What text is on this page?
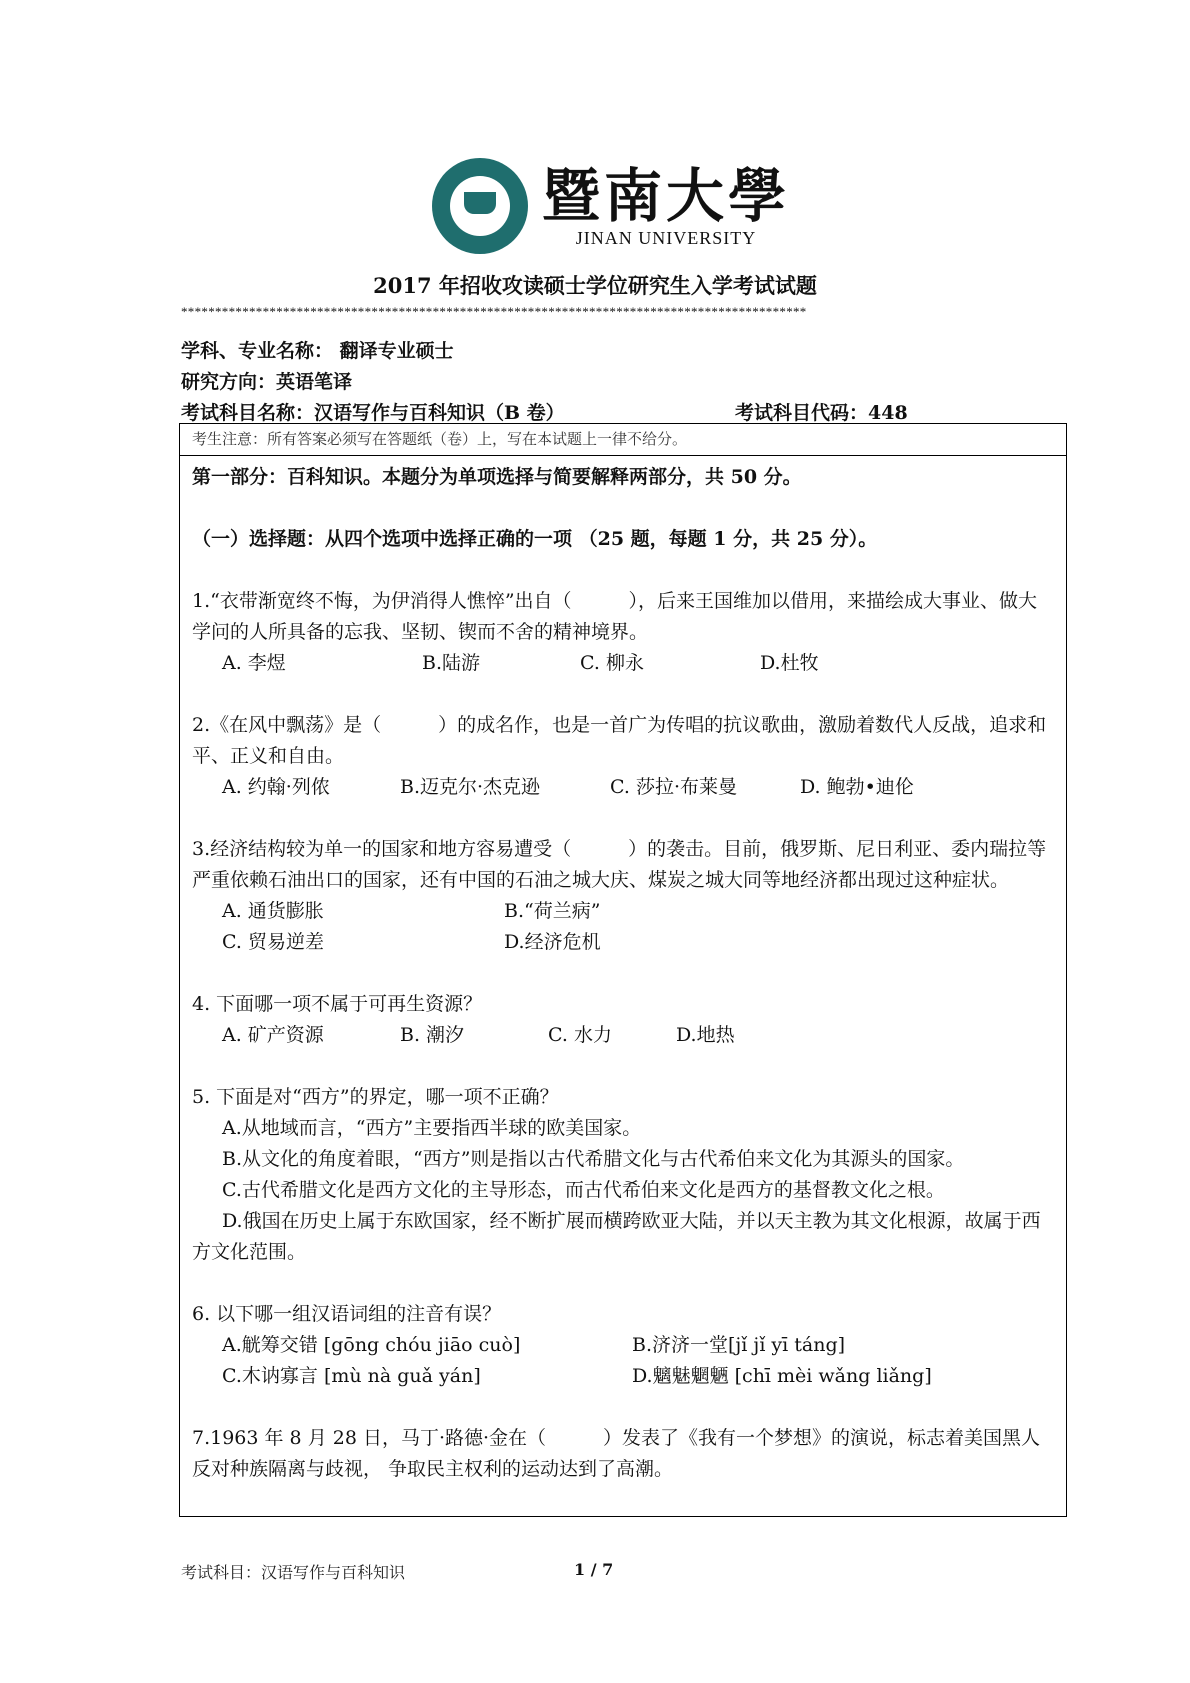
暨南大學
JINAN UNIVERSITY
2017 年招收攻读硕士学位研究生入学考试试题
********************************************************************************************
学科、专业名称： 翻译专业硕士
研究方向：英语笔译
考试科目名称：汉语写作与百科知识（B 卷）	考试科目代码：448
考生注意：所有答案必须写在答题纸（卷）上，写在本试题上一律不给分。
第一部分：百科知识。本题分为单项选择与简要解释两部分，共 50 分。
（一）选择题：从四个选项中选择正确的一项 （25 题，每题 1 分，共 25 分）。
1.“衣带渐宽终不悔，为伊消得人憔悴”出自（　　　），后来王国维加以借用，来描绘成大事业、做大学问的人所具备的忘我、坚韧、锲而不舍的精神境界。
A. 李煜	B.陆游	C. 柳永	D.杜牧
2.《在风中飘荡》是（　　　）的成名作，也是一首广为传唱的抗议歌曲，激励着数代人反战，追求和平、正义和自由。
A. 约翰·列侬	B.迈克尔·杰克逊	C. 莎拉·布莱曼	D. 鲍勃•迪伦
3.经济结构较为单一的国家和地方容易遭受（　　　）的袭击。目前，俄罗斯、尼日利亚、委内瑞拉等严重依赖石油出口的国家，还有中国的石油之城大庆、煤炭之城大同等地经济都出现过这种症状。
A. 通货膨胀	B.“荷兰病”
C. 贸易逆差	D.经济危机
4. 下面哪一项不属于可再生资源？
A. 矿产资源	B. 潮汐	C. 水力	D.地热
5. 下面是对“西方”的界定，哪一项不正确？
A.从地域而言，“西方”主要指西半球的欧美国家。
B.从文化的角度着眼，“西方”则是指以古代希腊文化与古代希伯来文化为其源头的国家。
C.古代希腊文化是西方文化的主导形态，而古代希伯来文化是西方的基督教文化之根。
D.俄国在历史上属于东欧国家，经不断扩展而横跨欧亚大陆，并以天主教为其文化根源，故属于西方文化范围。
6. 以下哪一组汉语词组的注音有误？
A.觥筹交错 [gōng chóu jiāo cuò]	B.济济一堂[jǐ jǐ yī táng]
C.木讷寡言 [mù nà guǎ yán]	D.魑魅魍魉 [chī mèi wǎng liǎng]
7.1963 年 8 月 28 日，马丁·路德·金在（　　　）发表了《我有一个梦想》的演说，标志着美国黑人反对种族隔离与歧视， 争取民主权利的运动达到了高潮。
考试科目：汉语写作与百科知识	1 / 7
